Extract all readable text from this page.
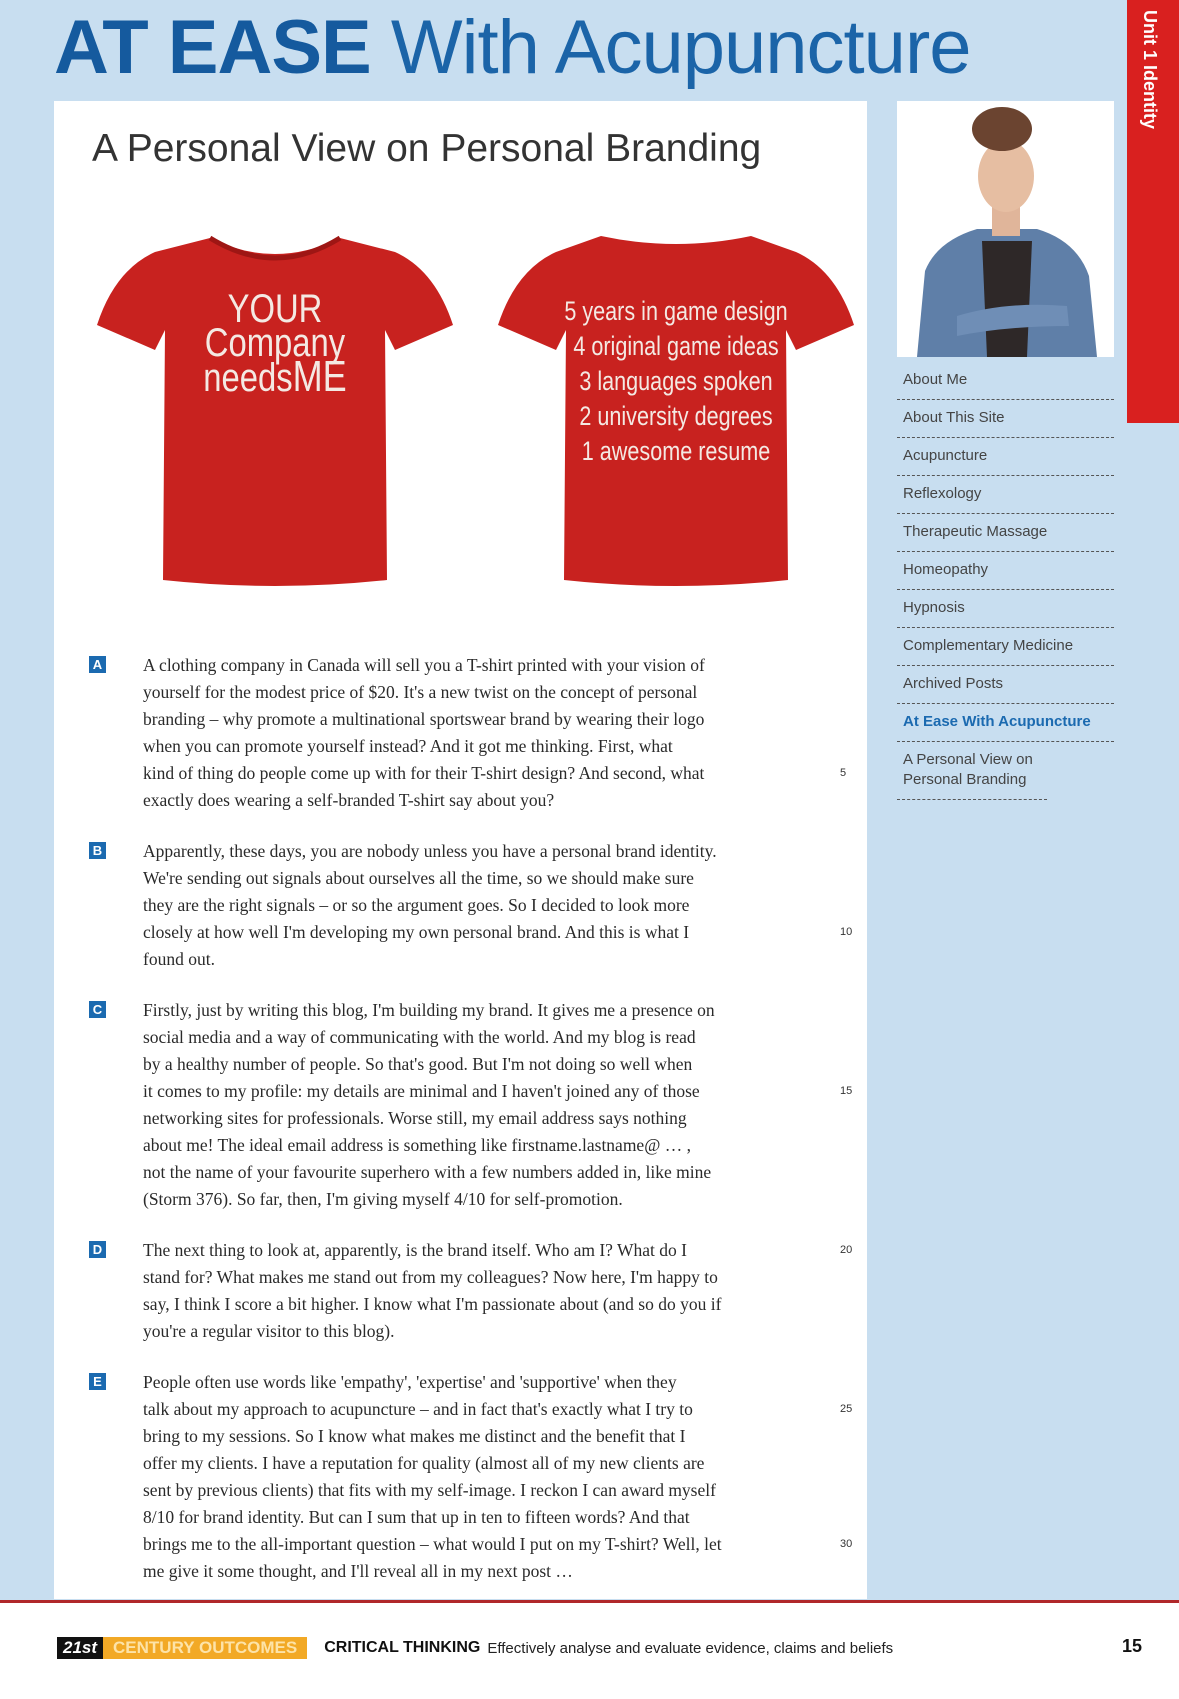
AT EASE With Acupuncture	Unit 1 Identity
A Personal View on Personal Branding
YOUR
Company
needsME
5 years in game design
4 original game ideas
3 languages spoken
2 university degrees
1 awesome resume
A A clothing company in Canada will sell you a T-shirt printed with your vision of
yourself for the modest price of $20. It's a new twist on the concept of personal
branding – why promote a multinational sportswear brand by wearing their logo
when you can promote yourself instead? And it got me thinking. First, what
kind of thing do people come up with for their T-shirt design? And second, what	5
exactly does wearing a self-branded T-shirt say about you?
B Apparently, these days, you are nobody unless you have a personal brand identity.
We're sending out signals about ourselves all the time, so we should make sure
they are the right signals – or so the argument goes. So I decided to look more
closely at how well I'm developing my own personal brand. And this is what I	10
found out.
C Firstly, just by writing this blog, I'm building my brand. It gives me a presence on
social media and a way of communicating with the world. And my blog is read
by a healthy number of people. So that's good. But I'm not doing so well when
it comes to my profile: my details are minimal and I haven't joined any of those	15
networking sites for professionals. Worse still, my email address says nothing
about me! The ideal email address is something like firstname.lastname@ … ,
not the name of your favourite superhero with a few numbers added in, like mine
(Storm 376). So far, then, I'm giving myself 4/10 for self-promotion.
D The next thing to look at, apparently, is the brand itself. Who am I? What do I	20
stand for? What makes me stand out from my colleagues? Now here, I'm happy to
say, I think I score a bit higher. I know what I'm passionate about (and so do you if
you're a regular visitor to this blog).
E People often use words like 'empathy', 'expertise' and 'supportive' when they
talk about my approach to acupuncture – and in fact that's exactly what I try to	25
bring to my sessions. So I know what makes me distinct and the benefit that I
offer my clients. I have a reputation for quality (almost all of my new clients are
sent by previous clients) that fits with my self-image. I reckon I can award myself
8/10 for brand identity. But can I sum that up in ten to fifteen words? And that
brings me to the all-important question – what would I put on my T-shirt? Well, let	30
me give it some thought, and I'll reveal all in my next post …
About Me
About This Site
Acupuncture
Reflexology
Therapeutic Massage
Homeopathy
Hypnosis
Complementary Medicine
Archived Posts
At Ease With Acupuncture
A Personal View on Personal Branding
21st CENTURY OUTCOMES	CRITICAL THINKING Effectively analyse and evaluate evidence, claims and beliefs	15
